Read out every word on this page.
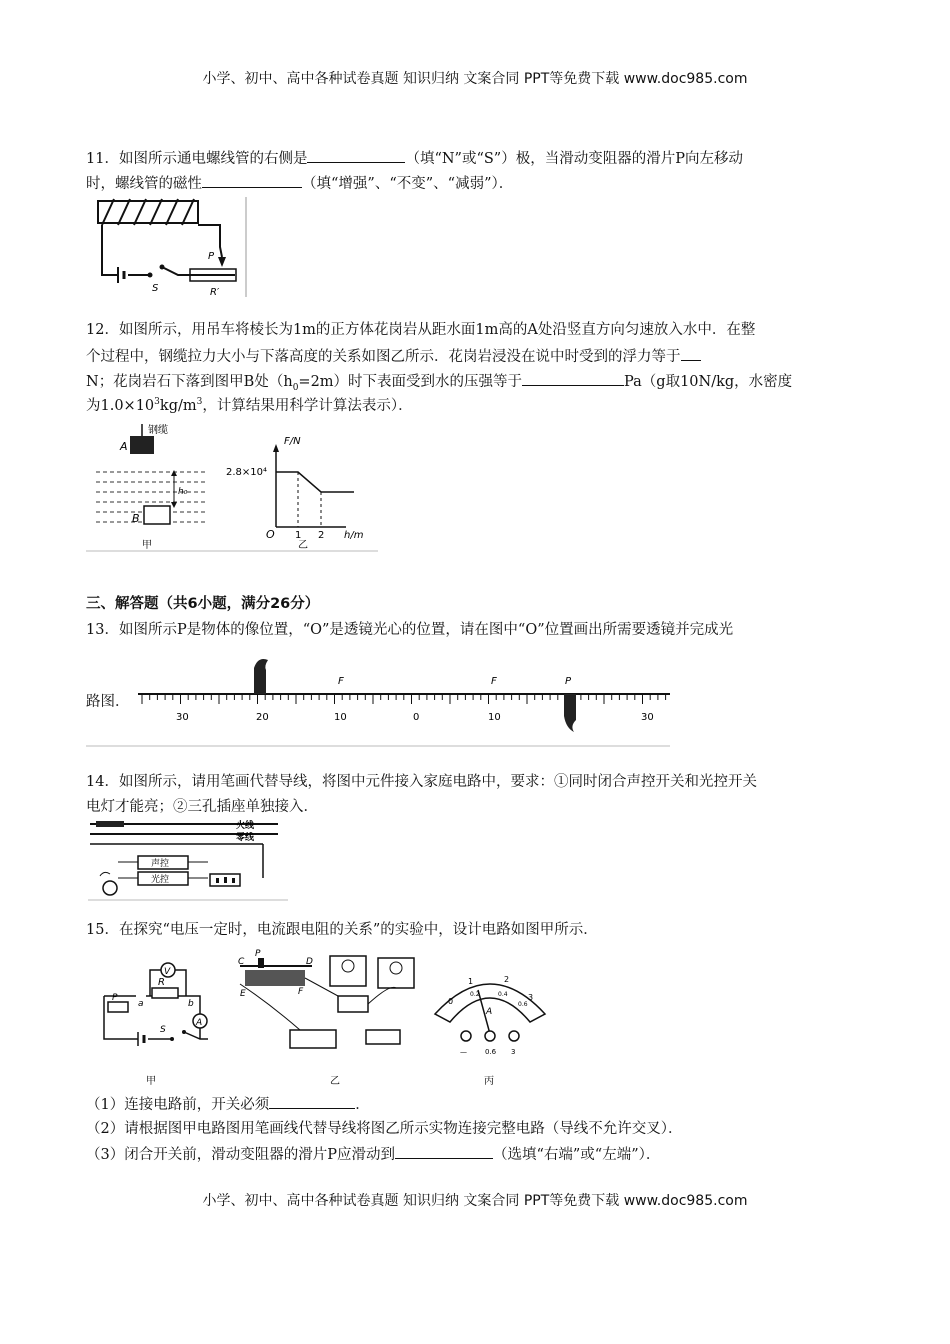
小学、初中、高中各种试卷真题 知识归纳 文案合同 PPT等免费下载 www.doc985.com

11．如图所示通电螺线管的右侧是	（填“N”或“S”）极，当滑动变阻器的滑片P向左移动

时，螺线管的磁性	（填“增强”、“不变”、“减弱”）．

S
P
R′

12．如图所示，用吊车将棱长为1m的正方体花岗岩从距水面1m高的A处沿竖直方向匀速放入水中．在整

个过程中，钢缆拉力大小与下落高度的关系如图乙所示．花岗岩浸没在说中时受到的浮力等于

N；花岗岩石下落到图甲B处$(h_0=2m)$时下表面受到水的压强等于	Pa（g取10N/kg，水密度

为$1.0\times 10^3kg/m^3$，计算结果用科学计算法表示）．

钢缆
A
B
h₀
甲
F/N
2.8×10⁴
O 1 2 h/m
乙

三、解答题（共6小题，满分26分）

13．如图所示P是物体的像位置，“O”是透镜光心的位置，请在图中“O”位置画出所需要透镜并完成光

路图．

F	F	P
30	20	10	0	10	30

14．如图所示，请用笔画代替导线，将图中元件接入家庭电路中，要求：①同时闭合声控开关和光控开关

电灯才能亮；②三孔插座单独接入．

火线
零线
声控
光控

15．在探究“电压一定时，电流跟电阻的关系”的实验中，设计电路如图甲所示．

V
A
R
a	b
P
S
甲
C
P
D
E	F
乙
0
1	2
3
0.2	0.4
0.6
A
—	0.6 3
丙

（1）连接电路前，开关必须	．

（2）请根据图甲电路图用笔画线代替导线将图乙所示实物连接完整电路（导线不允许交叉）．

（3）闭合开关前，滑动变阻器的滑片P应滑动到	（选填“右端”或“左端”）．

小学、初中、高中各种试卷真题 知识归纳 文案合同 PPT等免费下载 www.doc985.com
